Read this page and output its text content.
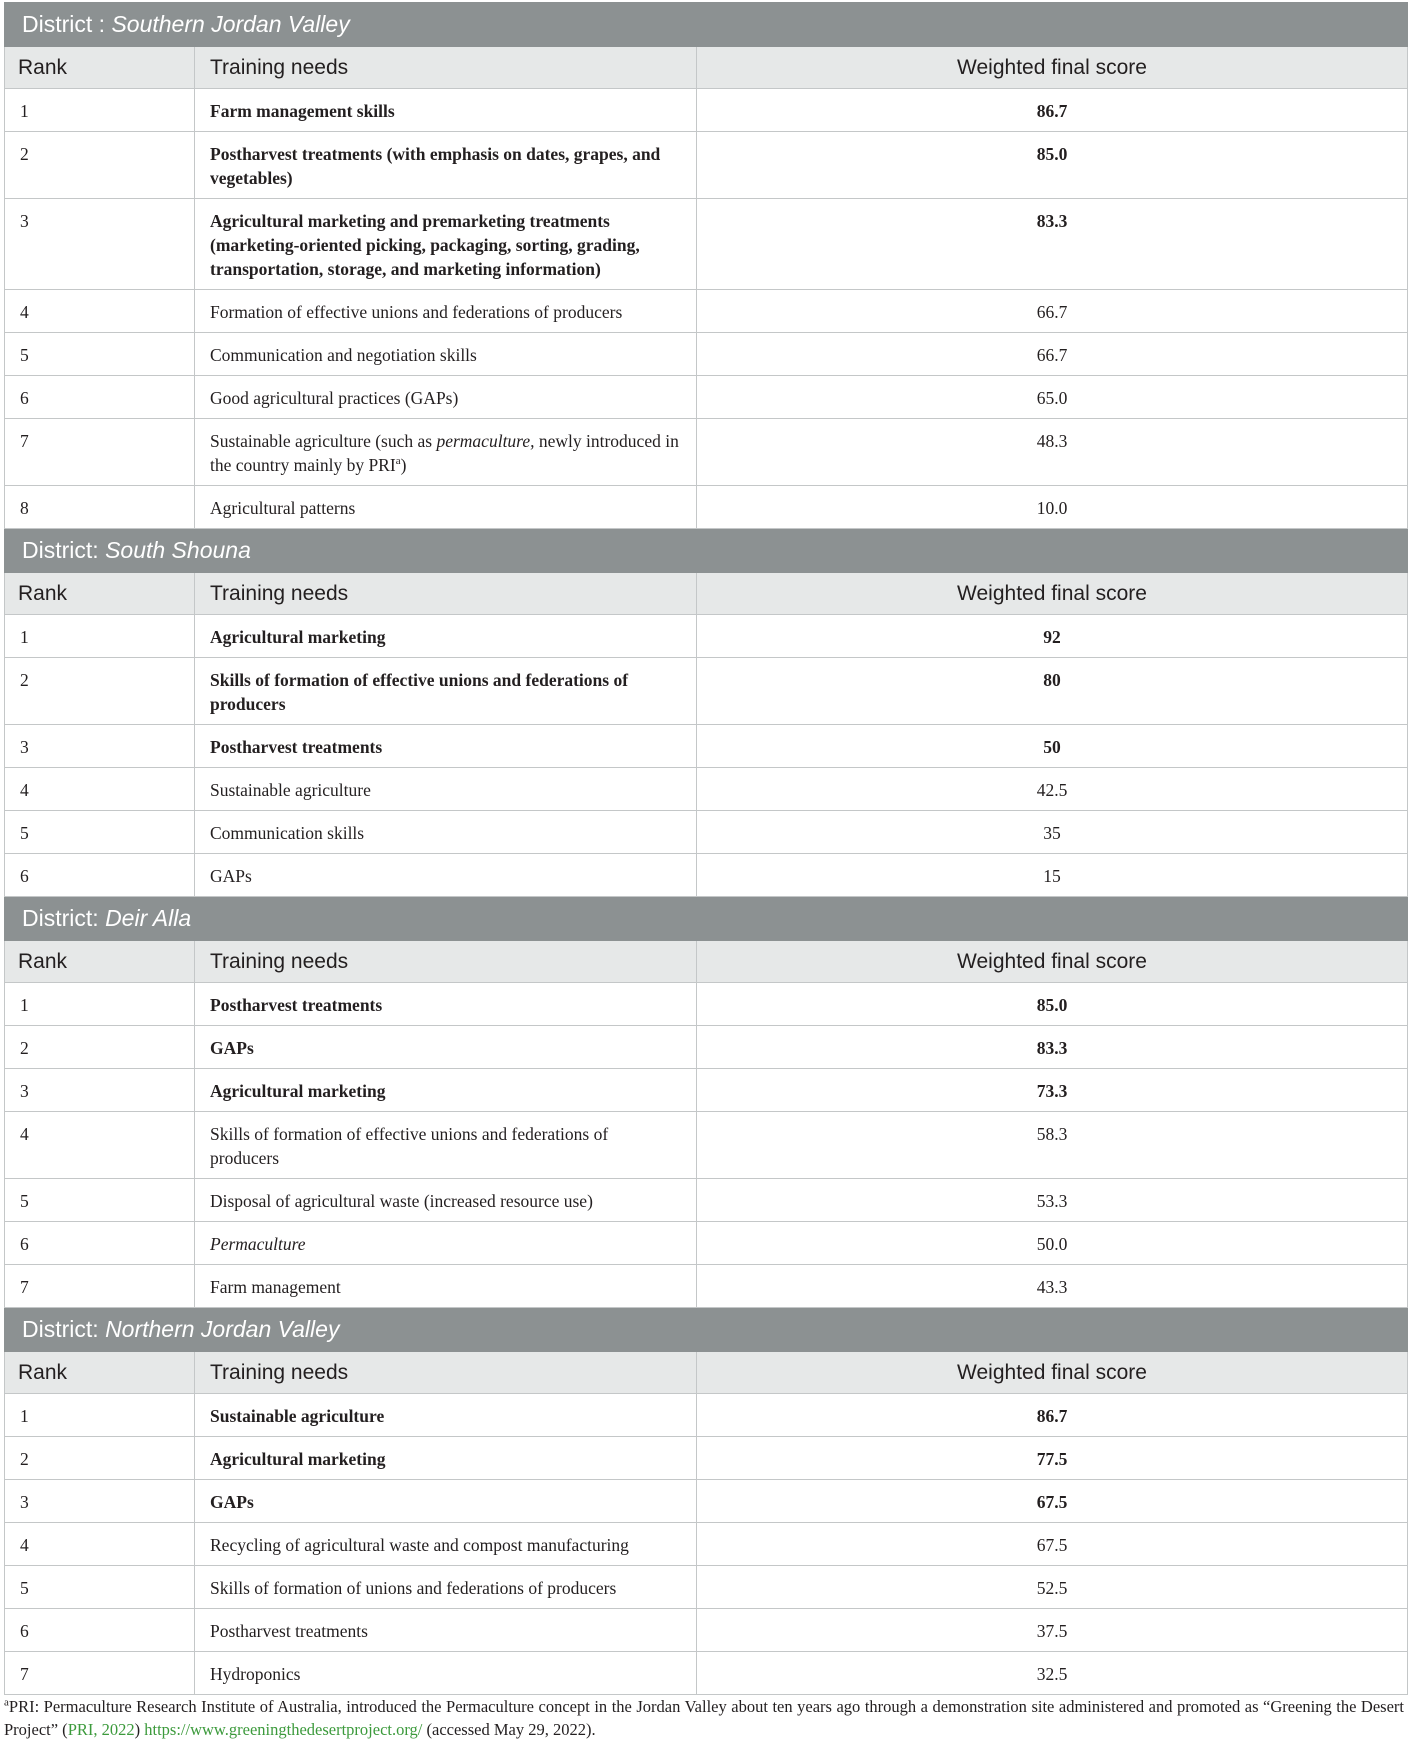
District : Southern Jordan Valley		
Rank	Training needs	Weighted final score
1	Farm management skills	86.7
2	Postharvest treatments (with emphasis on dates, grapes, and vegetables)	85.0
3	Agricultural marketing and premarketing treatments (marketing-oriented picking, packaging, sorting, grading, transportation, storage, and marketing information)	83.3
4	Formation of effective unions and federations of producers	66.7
5	Communication and negotiation skills	66.7
6	Good agricultural practices (GAPs)	65.0
7	Sustainable agriculture (such as permaculture, newly introduced in the country mainly by PRI$^a$)	48.3
8	Agricultural patterns	10.0
District: South Shouna		
Rank	Training needs	Weighted final score
1	Agricultural marketing	92
2	Skills of formation of effective unions and federations of producers	80
3	Postharvest treatments	50
4	Sustainable agriculture	42.5
5	Communication skills	35
6	GAPs	15
District: Deir Alla		
Rank	Training needs	Weighted final score
1	Postharvest treatments	85.0
2	GAPs	83.3
3	Agricultural marketing	73.3
4	Skills of formation of effective unions and federations of producers	58.3
5	Disposal of agricultural waste (increased resource use)	53.3
6	Permaculture	50.0
7	Farm management	43.3
District: Northern Jordan Valley		
Rank	Training needs	Weighted final score
1	Sustainable agriculture	86.7
2	Agricultural marketing	77.5
3	GAPs	67.5
4	Recycling of agricultural waste and compost manufacturing	67.5
5	Skills of formation of unions and federations of producers	52.5
6	Postharvest treatments	37.5
7	Hydroponics	32.5
$^a$PRI: Permaculture Research Institute of Australia, introduced the Permaculture concept in the Jordan Valley about ten years ago through a demonstration site administered and promoted as “Greening the Desert Project” (PRI, 2022) https://www.greeningthedesertproject.org/ (accessed May 29, 2022).
